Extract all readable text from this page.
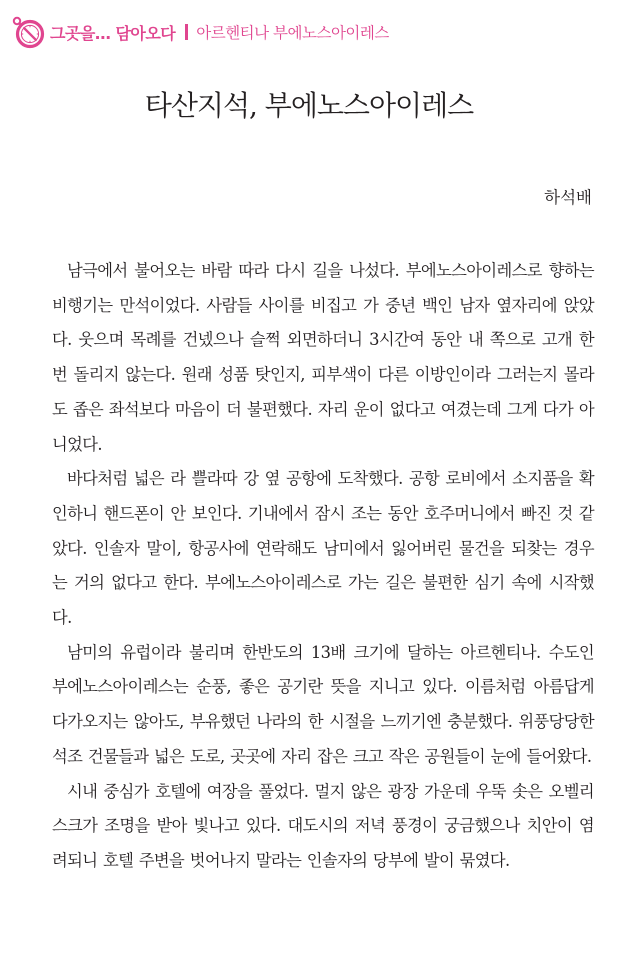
그곳을… 담아오다 아르헨티나 부에노스아이레스
타산지석, 부에노스아이레스
하석배

남극에서 불어오는 바람 따라 다시 길을 나섰다. 부에노스아이레스로 향하는 비행기는 만석이었다. 사람들 사이를 비집고 가 중년 백인 남자 옆자리에 앉았다. 웃으며 목례를 건넸으나 슬쩍 외면하더니 3시간여 동안 내 쪽으로 고개 한번 돌리지 않는다. 원래 성품 탓인지, 피부색이 다른 이방인이라 그러는지 몰라도 좁은 좌석보다 마음이 더 불편했다. 자리 운이 없다고 여겼는데 그게 다가 아니었다.

바다처럼 넓은 라 쁠라따 강 옆 공항에 도착했다. 공항 로비에서 소지품을 확인하니 핸드폰이 안 보인다. 기내에서 잠시 조는 동안 호주머니에서 빠진 것 같았다. 인솔자 말이, 항공사에 연락해도 남미에서 잃어버린 물건을 되찾는 경우는 거의 없다고 한다. 부에노스아이레스로 가는 길은 불편한 심기 속에 시작했다.

남미의 유럽이라 불리며 한반도의 13배 크기에 달하는 아르헨티나. 수도인 부에노스아이레스는 순풍, 좋은 공기란 뜻을 지니고 있다. 이름처럼 아름답게 다가오지는 않아도, 부유했던 나라의 한 시절을 느끼기엔 충분했다. 위풍당당한 석조 건물들과 넓은 도로, 곳곳에 자리 잡은 크고 작은 공원들이 눈에 들어왔다.

시내 중심가 호텔에 여장을 풀었다. 멀지 않은 광장 가운데 우뚝 솟은 오벨리스크가 조명을 받아 빛나고 있다. 대도시의 저녁 풍경이 궁금했으나 치안이 염려되니 호텔 주변을 벗어나지 말라는 인솔자의 당부에 발이 묶였다.
